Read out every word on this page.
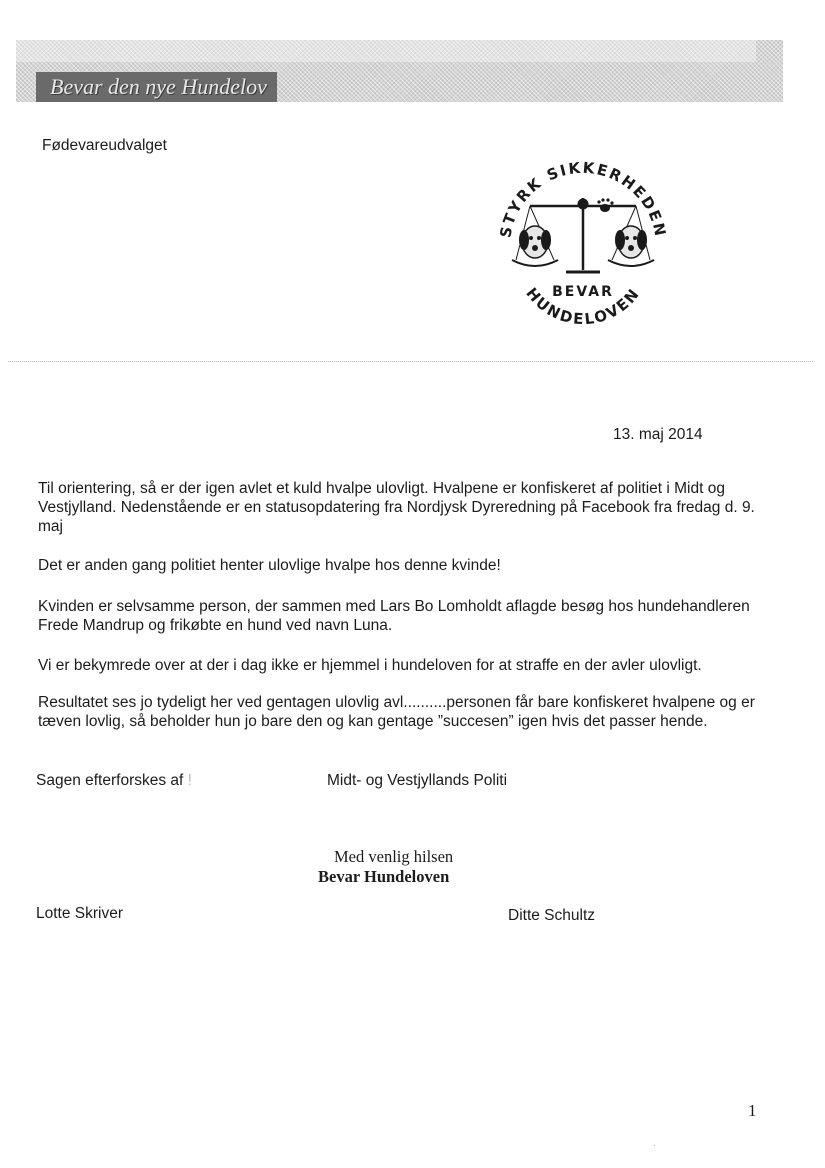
Bevar den nye Hundelov
Fødevareudvalget
STYRK SIKKERHEDEN
HUNDELOVEN
BEVAR
13. maj 2014
Til orientering, så er der igen avlet et kuld hvalpe ulovligt. Hvalpene er konfiskeret af politiet i Midt og Vestjylland. Nedenstående er en statusopdatering fra Nordjysk Dyreredning på Facebook fra fredag d. 9. maj
Det er anden gang politiet henter ulovlige hvalpe hos denne kvinde!
Kvinden er selvsamme person, der sammen med Lars Bo Lomholdt aflagde besøg hos hundehandleren Frede Mandrup og frikøbte en hund ved navn Luna.
Vi er bekymrede over at der i dag ikke er hjemmel i hundeloven for at straffe en der avler ulovligt.
Resultatet ses jo tydeligt her ved gentagen ulovlig avl..........personen får bare konfiskeret hvalpene og er tæven lovlig, så beholder hun jo bare den og kan gentage ”succesen” igen hvis det passer hende.
Sagen efterforskes af !	Midt- og Vestjyllands Politi
Med venlig hilsen
Bevar Hundeloven
Lotte Skriver	Ditte Schultz
1
·
